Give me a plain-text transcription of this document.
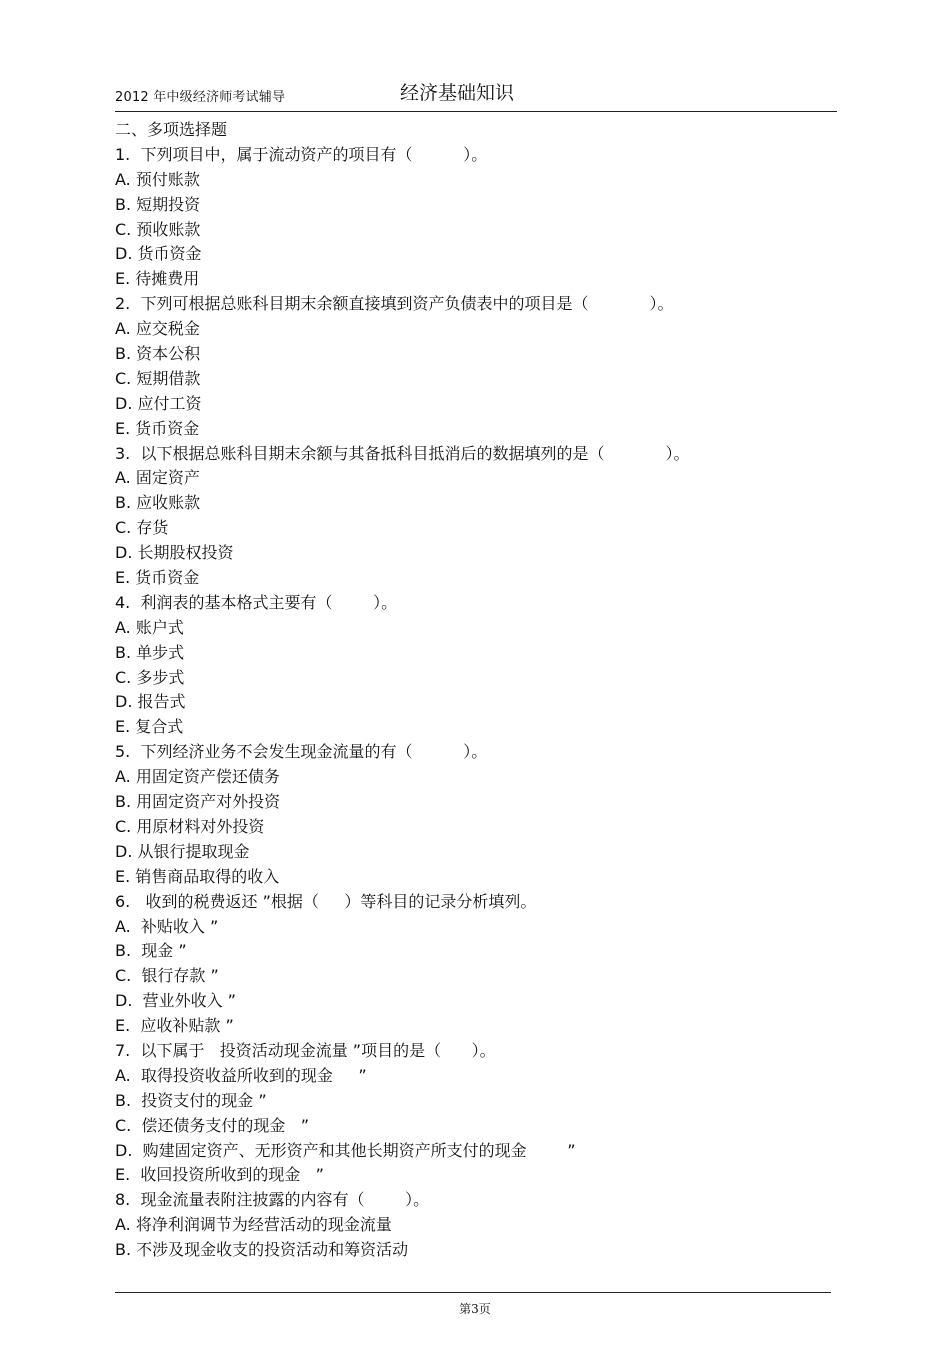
2012 年中级经济师考试辅导	经济基础知识
二、多项选择题
1.  下列项目中，属于流动资产的项目有（          ）。
A. 预付账款
B. 短期投资
C. 预收账款
D. 货币资金
E. 待摊费用
2.  下列可根据总账科目期末余额直接填到资产负债表中的项目是（            ）。
A. 应交税金
B. 资本公积
C. 短期借款
D. 应付工资
E. 货币资金
3.  以下根据总账科目期末余额与其备抵科目抵消后的数据填列的是（            ）。
A. 固定资产
B. 应收账款
C. 存货
D. 长期股权投资
E. 货币资金
4.  利润表的基本格式主要有（        ）。
A. 账户式
B. 单步式
C. 多步式
D. 报告式
E. 复合式
5.  下列经济业务不会发生现金流量的有（          ）。
A. 用固定资产偿还债务
B. 用固定资产对外投资
C. 用原材料对外投资
D. 从银行提取现金
E. 销售商品取得的收入
6.   收到的税费返还 ”根据（     ）等科目的记录分析填列。
A.  补贴收入 ”
B.  现金 ”
C.  银行存款 ”
D.  营业外收入 ”
E.  应收补贴款 ”
7.  以下属于   投资活动现金流量 ”项目的是（      ）。
A.  取得投资收益所收到的现金     ”
B.  投资支付的现金 ”
C.  偿还债务支付的现金   ”
D.  购建固定资产、无形资产和其他长期资产所支付的现金        ”
E.  收回投资所收到的现金   ”
8.  现金流量表附注披露的内容有（        ）。
A. 将净利润调节为经营活动的现金流量
B. 不涉及现金收支的投资活动和筹资活动
第3页
